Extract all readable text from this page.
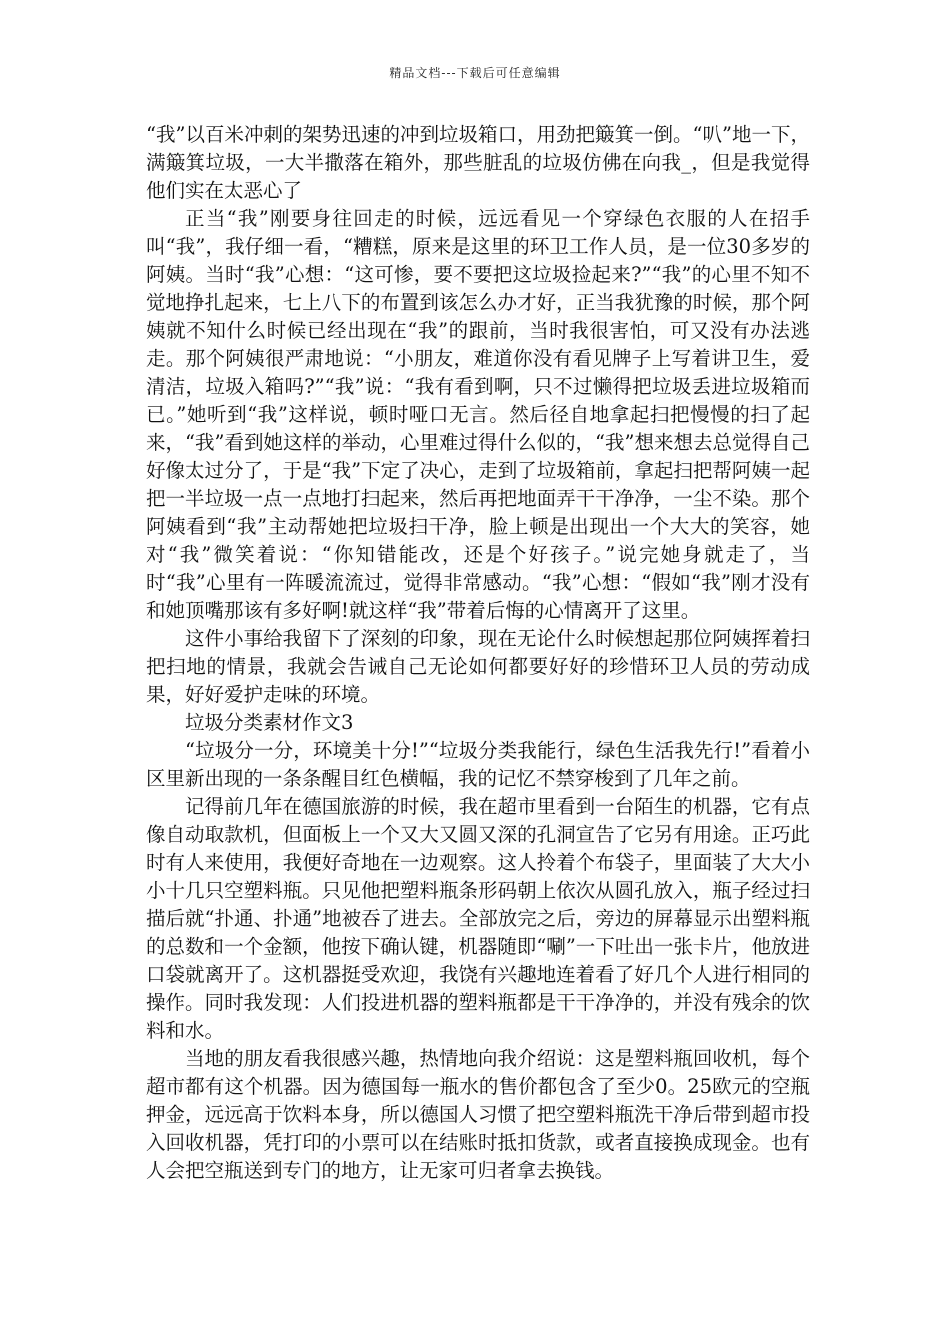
精品文档---下载后可任意编辑

“我”以百米冲刺的架势迅速的冲到垃圾箱口，用劲把簸箕一倒。“叭”地一下，满簸箕垃圾，一大半撒落在箱外，那些脏乱的垃圾仿佛在向我_，但是我觉得他们实在太恶心了

正当“我”刚要身往回走的时候，远远看见一个穿绿色衣服的人在招手叫“我”，我仔细一看，“糟糕，原来是这里的环卫工作人员，是一位30多岁的阿姨。当时“我”心想：“这可惨，要不要把这垃圾捡起来?”“我”的心里不知不觉地挣扎起来，七上八下的布置到该怎么办才好，正当我犹豫的时候，那个阿姨就不知什么时候已经出现在“我”的跟前，当时我很害怕，可又没有办法逃走。那个阿姨很严肃地说：“小朋友，难道你没有看见牌子上写着讲卫生，爱清洁，垃圾入箱吗?”“我”说：“我有看到啊，只不过懒得把垃圾丢进垃圾箱而已。”她听到“我”这样说，顿时哑口无言。然后径自地拿起扫把慢慢的扫了起来，“我”看到她这样的举动，心里难过得什么似的，“我”想来想去总觉得自己好像太过分了，于是“我”下定了决心，走到了垃圾箱前，拿起扫把帮阿姨一起把一半垃圾一点一点地打扫起来，然后再把地面弄干干净净，一尘不染。那个阿姨看到“我”主动帮她把垃圾扫干净，脸上顿是出现出一个大大的笑容，她对“我”微笑着说：“你知错能改，还是个好孩子。”说完她身就走了，当时“我”心里有一阵暖流流过，觉得非常感动。“我”心想：“假如“我”刚才没有和她顶嘴那该有多好啊!就这样“我”带着后悔的心情离开了这里。

这件小事给我留下了深刻的印象，现在无论什么时候想起那位阿姨挥着扫把扫地的情景，我就会告诫自己无论如何都要好好的珍惜环卫人员的劳动成果，好好爱护走味的环境。

垃圾分类素材作文3

“垃圾分一分，环境美十分!”“垃圾分类我能行，绿色生活我先行!”看着小区里新出现的一条条醒目红色横幅，我的记忆不禁穿梭到了几年之前。

记得前几年在德国旅游的时候，我在超市里看到一台陌生的机器，它有点像自动取款机，但面板上一个又大又圆又深的孔洞宣告了它另有用途。正巧此时有人来使用，我便好奇地在一边观察。这人拎着个布袋子，里面装了大大小小十几只空塑料瓶。只见他把塑料瓶条形码朝上依次从圆孔放入，瓶子经过扫描后就“扑通、扑通”地被吞了进去。全部放完之后，旁边的屏幕显示出塑料瓶的总数和一个金额，他按下确认键，机器随即“唰”一下吐出一张卡片，他放进口袋就离开了。这机器挺受欢迎，我饶有兴趣地连着看了好几个人进行相同的操作。同时我发现：人们投进机器的塑料瓶都是干干净净的，并没有残余的饮料和水。

当地的朋友看我很感兴趣，热情地向我介绍说：这是塑料瓶回收机，每个超市都有这个机器。因为德国每一瓶水的售价都包含了至少0。25欧元的空瓶押金，远远高于饮料本身，所以德国人习惯了把空塑料瓶洗干净后带到超市投入回收机器，凭打印的小票可以在结账时抵扣货款，或者直接换成现金。也有人会把空瓶送到专门的地方，让无家可归者拿去换钱。
